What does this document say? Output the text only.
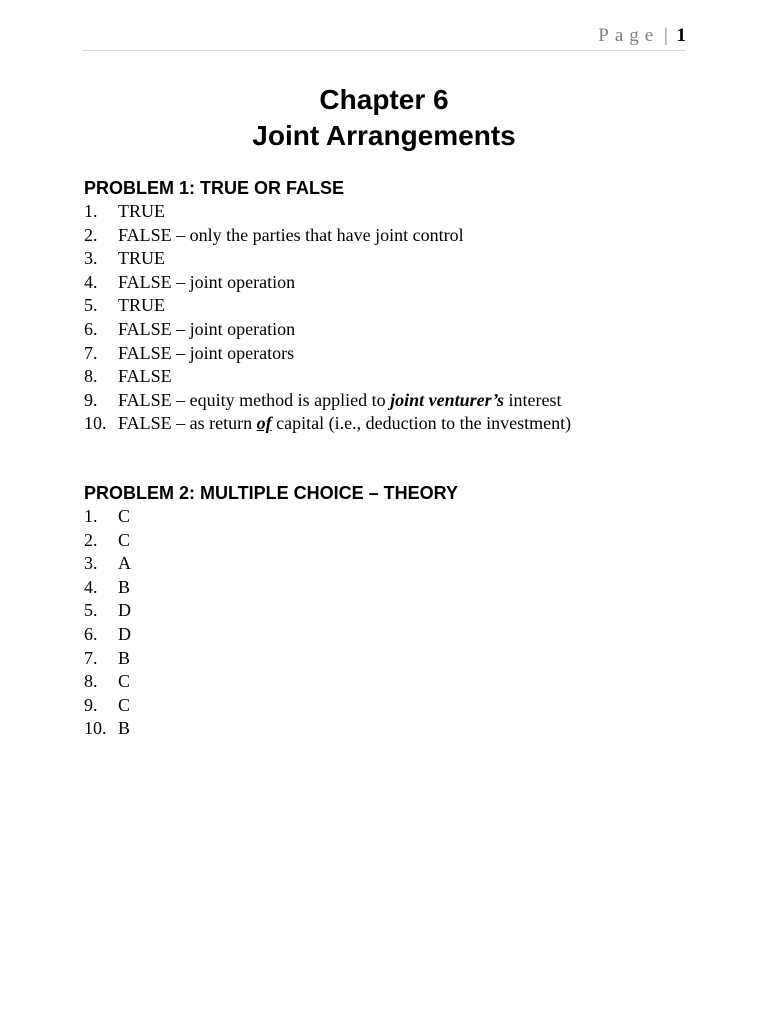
Page | 1
Chapter 6
Joint Arrangements
PROBLEM 1: TRUE OR FALSE
1.	TRUE
2.	FALSE – only the parties that have joint control
3.	TRUE
4.	FALSE – joint operation
5.	TRUE
6.	FALSE – joint operation
7.	FALSE – joint operators
8.	FALSE
9.	FALSE – equity method is applied to joint venturer’s interest
10. FALSE – as return of capital (i.e., deduction to the investment)
PROBLEM 2: MULTIPLE CHOICE – THEORY
1.	C
2.	C
3.	A
4.	B
5.	D
6.	D
7.	B
8.	C
9.	C
10. B
